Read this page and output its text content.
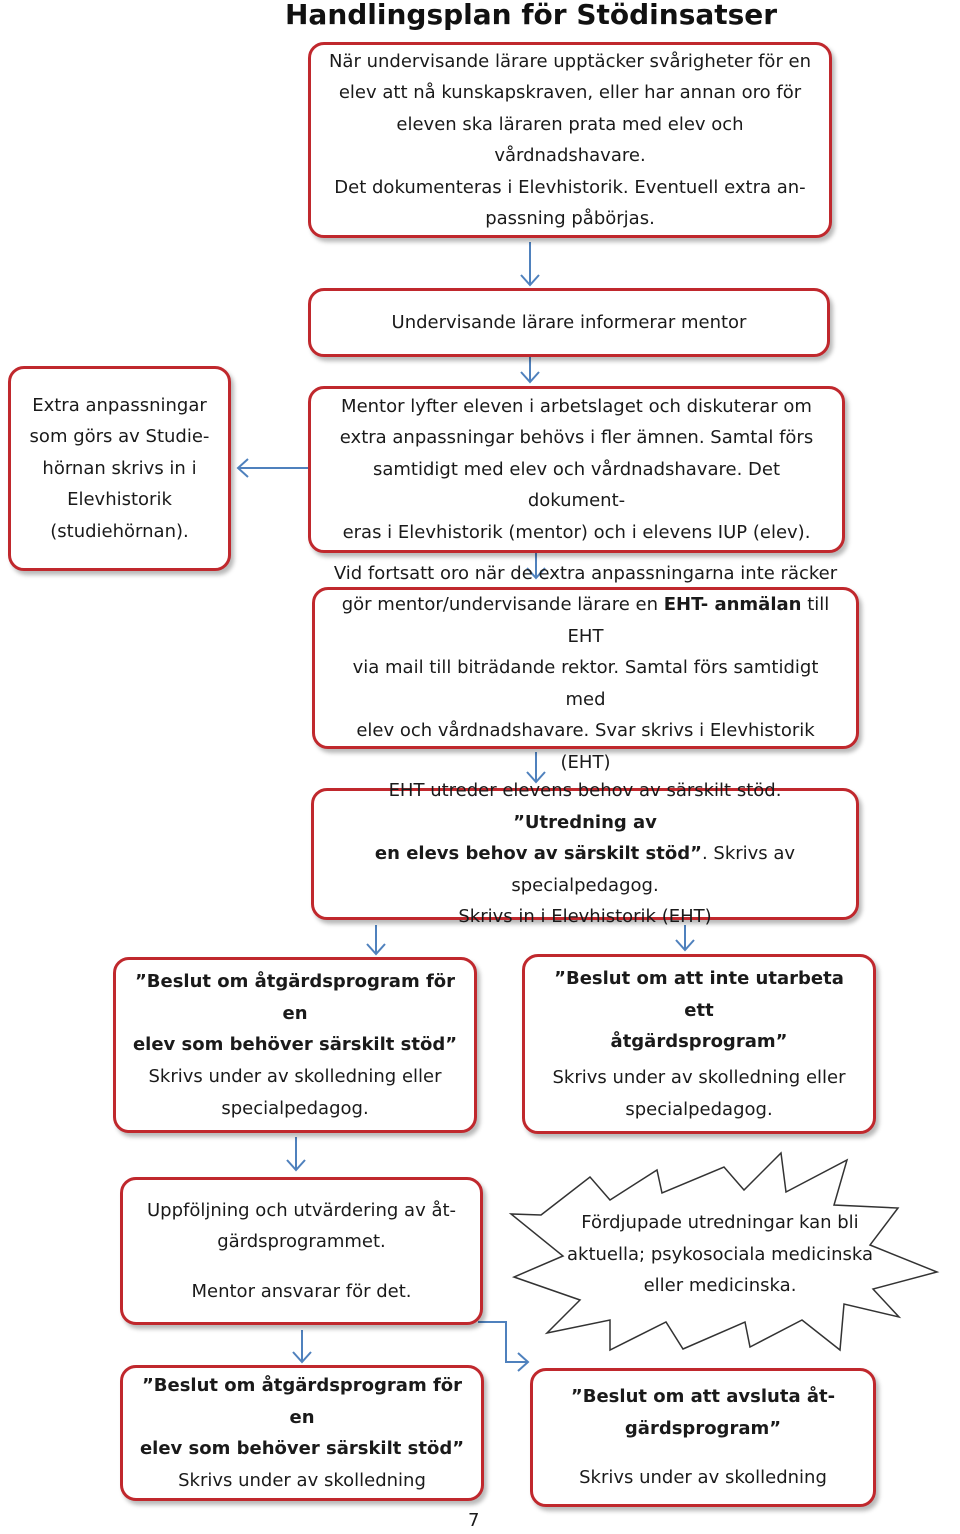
Handlingsplan för Stödinsatser

När undervisande lärare upptäcker svårigheter för en

elev att nå kunskapskraven, eller har annan oro för

eleven ska läraren prata med elev och vårdnadshavare.

Det dokumenteras i Elevhistorik. Eventuell extra an-

passning påbörjas.

Undervisande lärare informerar mentor

Extra anpassningar

som görs av Studie-

hörnan skrivs in i

Elevhistorik

(studiehörnan).

Mentor lyfter eleven i arbetslaget och diskuterar om

extra anpassningar behövs i fler ämnen. Samtal förs

samtidigt med elev och vårdnadshavare. Det dokument-

eras i Elevhistorik (mentor) och i elevens IUP (elev).

Vid fortsatt oro när de extra anpassningarna inte räcker

gör mentor/undervisande lärare en EHT- anmälan till EHT

via mail till biträdande rektor. Samtal förs samtidigt med

elev och vårdnadshavare. Svar skrivs i Elevhistorik (EHT)

EHT utreder elevens behov av särskilt stöd. ”Utredning av

en elevs behov av särskilt stöd”. Skrivs av specialpedagog.

Skrivs in i Elevhistorik (EHT)

”Beslut om åtgärdsprogram för en

elev som behöver särskilt stöd”

Skrivs under av skolledning eller

specialpedagog.

”Beslut om att inte utarbeta ett

åtgärdsprogram”

Skrivs under av skolledning eller

specialpedagog.

Uppföljning och utvärdering av åt-

gärdsprogrammet.

Mentor ansvarar för det.

Fördjupade utredningar kan bli
aktuella; psykosociala medicinska
eller medicinska.

”Beslut om åtgärdsprogram för en

elev som behöver särskilt stöd”

Skrivs under av skolledning

”Beslut om att avsluta åt-

gärdsprogram”

Skrivs under av skolledning

7
